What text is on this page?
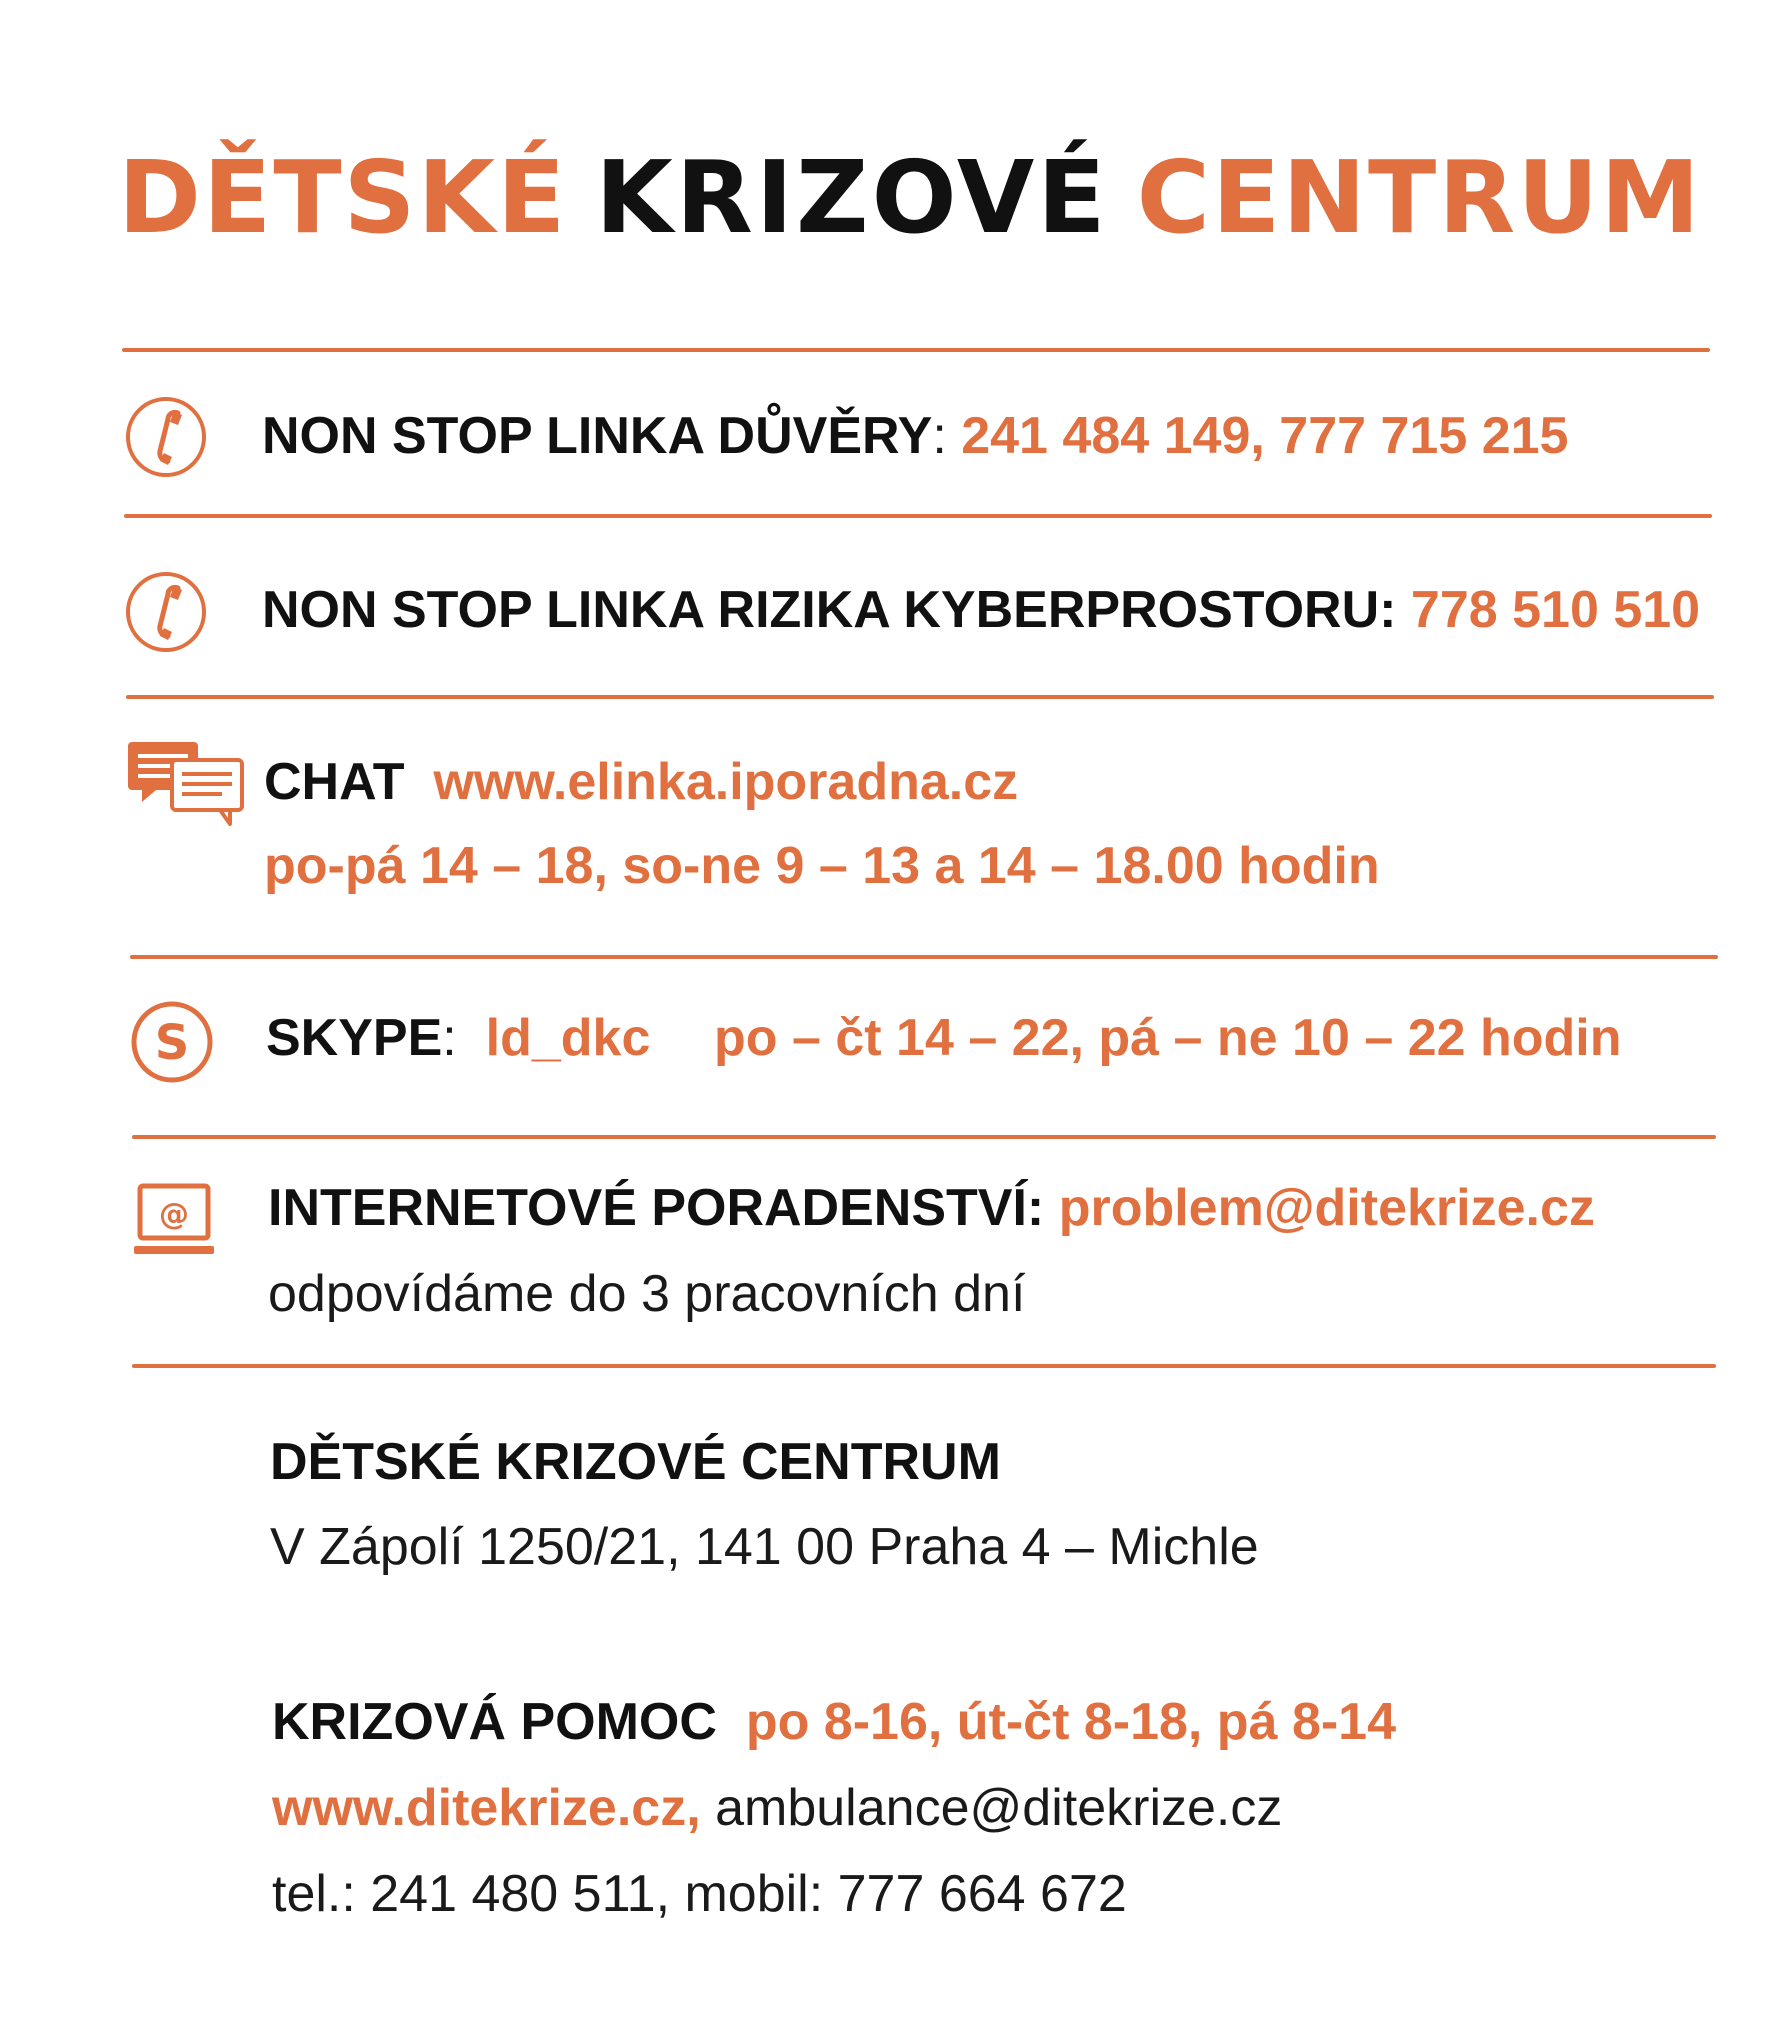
DĚTSKÉ KRIZOVÉ CENTRUM
NON STOP LINKA DŮVĚRY: 241 484 149, 777 715 215
NON STOP LINKA RIZIKA KYBERPROSTORU: 778 510 510
CHAT www.elinka.iporadna.cz
po-pá 14 – 18, so-ne 9 – 13 a 14 – 18.00 hodin
S SKYPE: ld_dkc po – čt 14 – 22, pá – ne 10 – 22 hodin
@ INTERNETOVÉ PORADENSTVÍ: problem@ditekrize.cz
odpovídáme do 3 pracovních dní
DĚTSKÉ KRIZOVÉ CENTRUM
V Zápolí 1250/21, 141 00 Praha 4 – Michle
KRIZOVÁ POMOC po 8-16, út-čt 8-18, pá 8-14
www.ditekrize.cz, ambulance@ditekrize.cz
tel.: 241 480 511, mobil: 777 664 672
